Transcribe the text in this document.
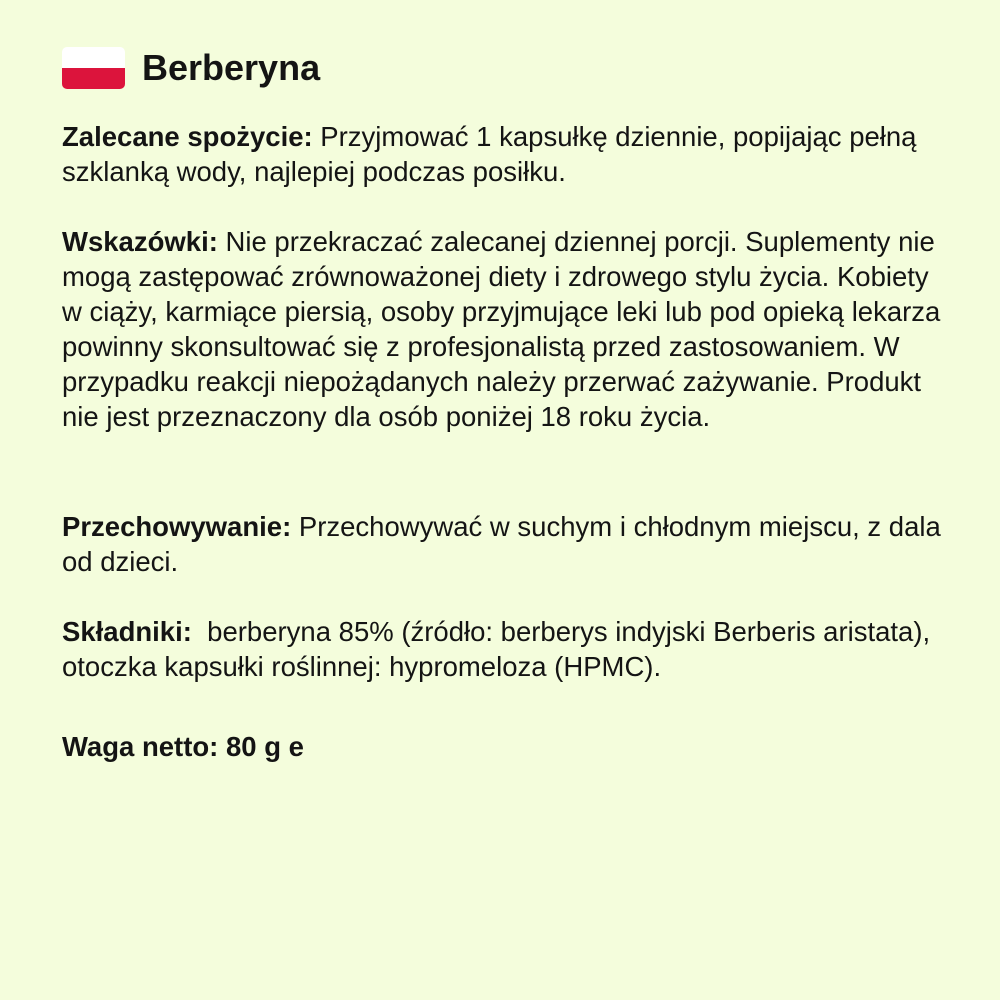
Berberyna

Zalecane spożycie: Przyjmować 1 kapsułkę dziennie, popijając pełną szklanką wody, najlepiej podczas posiłku.

Wskazówki: Nie przekraczać zalecanej dziennej porcji. Suplementy nie mogą zastępować zrównoważonej diety i zdrowego stylu życia. Kobiety w ciąży, karmiące piersią, osoby przyjmujące leki lub pod opieką lekarza powinny skonsultować się z profesjonalistą przed zastosowaniem. W przypadku reakcji niepożądanych należy przerwać zażywanie. Produkt nie jest przeznaczony dla osób poniżej 18 roku życia.

Przechowywanie: Przechowywać w suchym i chłodnym miejscu, z dala od dzieci.

Składniki:  berberyna 85% (źródło: berberys indyjski Berberis aristata), otoczka kapsułki roślinnej: hypromeloza (HPMC).

Waga netto: 80 g e
